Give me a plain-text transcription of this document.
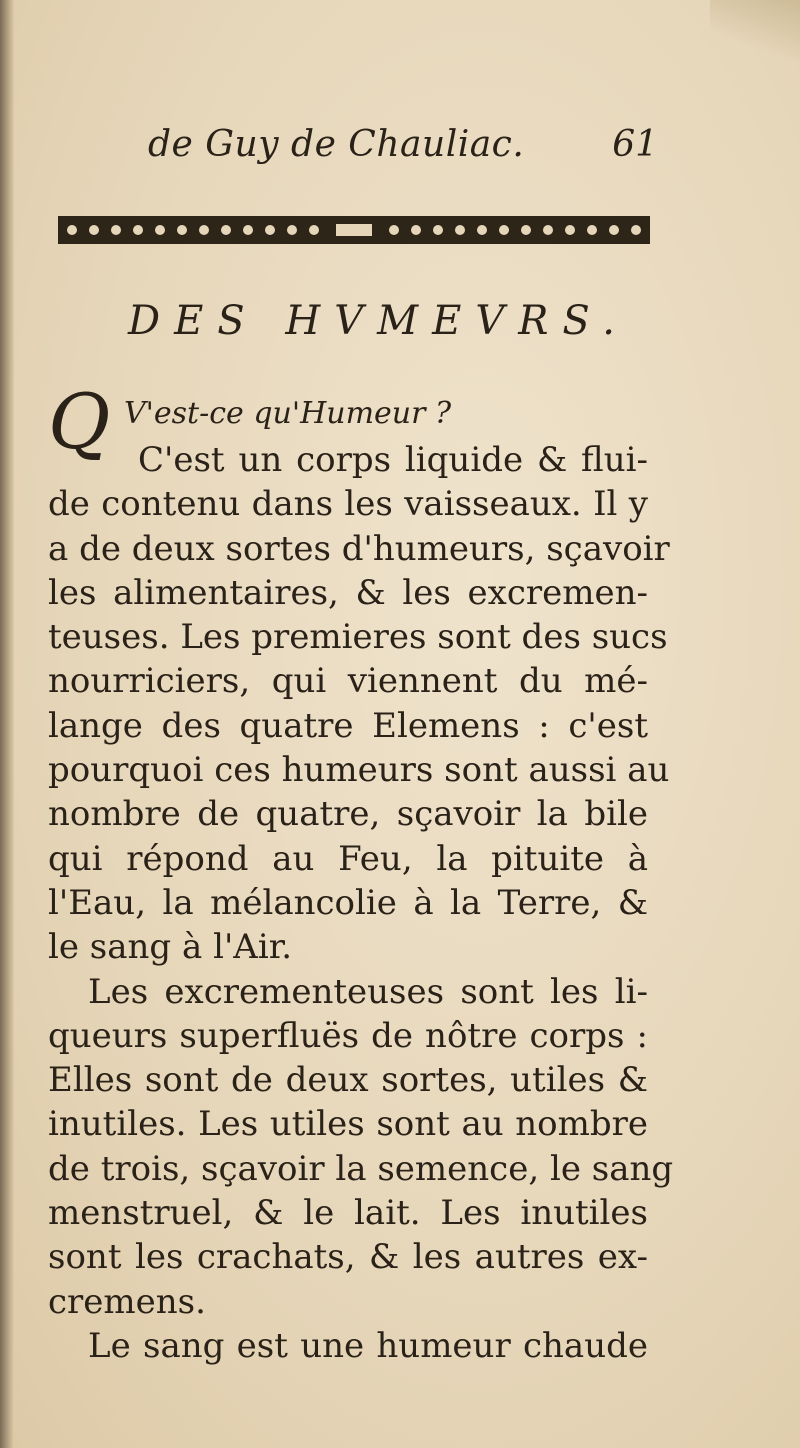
de Guy de Chauliac. 61
DES HVMEVRS.
Q V'est-ce qu'Humeur ?
C'est un corps liquide & flui-
de contenu dans les vaisseaux. Il y
a de deux sortes d'humeurs, sçavoir
les alimentaires, & les excremen-
teuses. Les premieres sont des sucs
nourriciers, qui viennent du mé-
lange des quatre Elemens : c'est
pourquoi ces humeurs sont aussi au
nombre de quatre, sçavoir la bile
qui répond au Feu, la pituite à
l'Eau, la mélancolie à la Terre, &
le sang à l'Air.
Les excrementeuses sont les li-
queurs superfluës de nôtre corps :
Elles sont de deux sortes, utiles &
inutiles. Les utiles sont au nombre
de trois, sçavoir la semence, le sang
menstruel, & le lait. Les inutiles
sont les crachats, & les autres ex-
cremens.
Le sang est une humeur chaude
